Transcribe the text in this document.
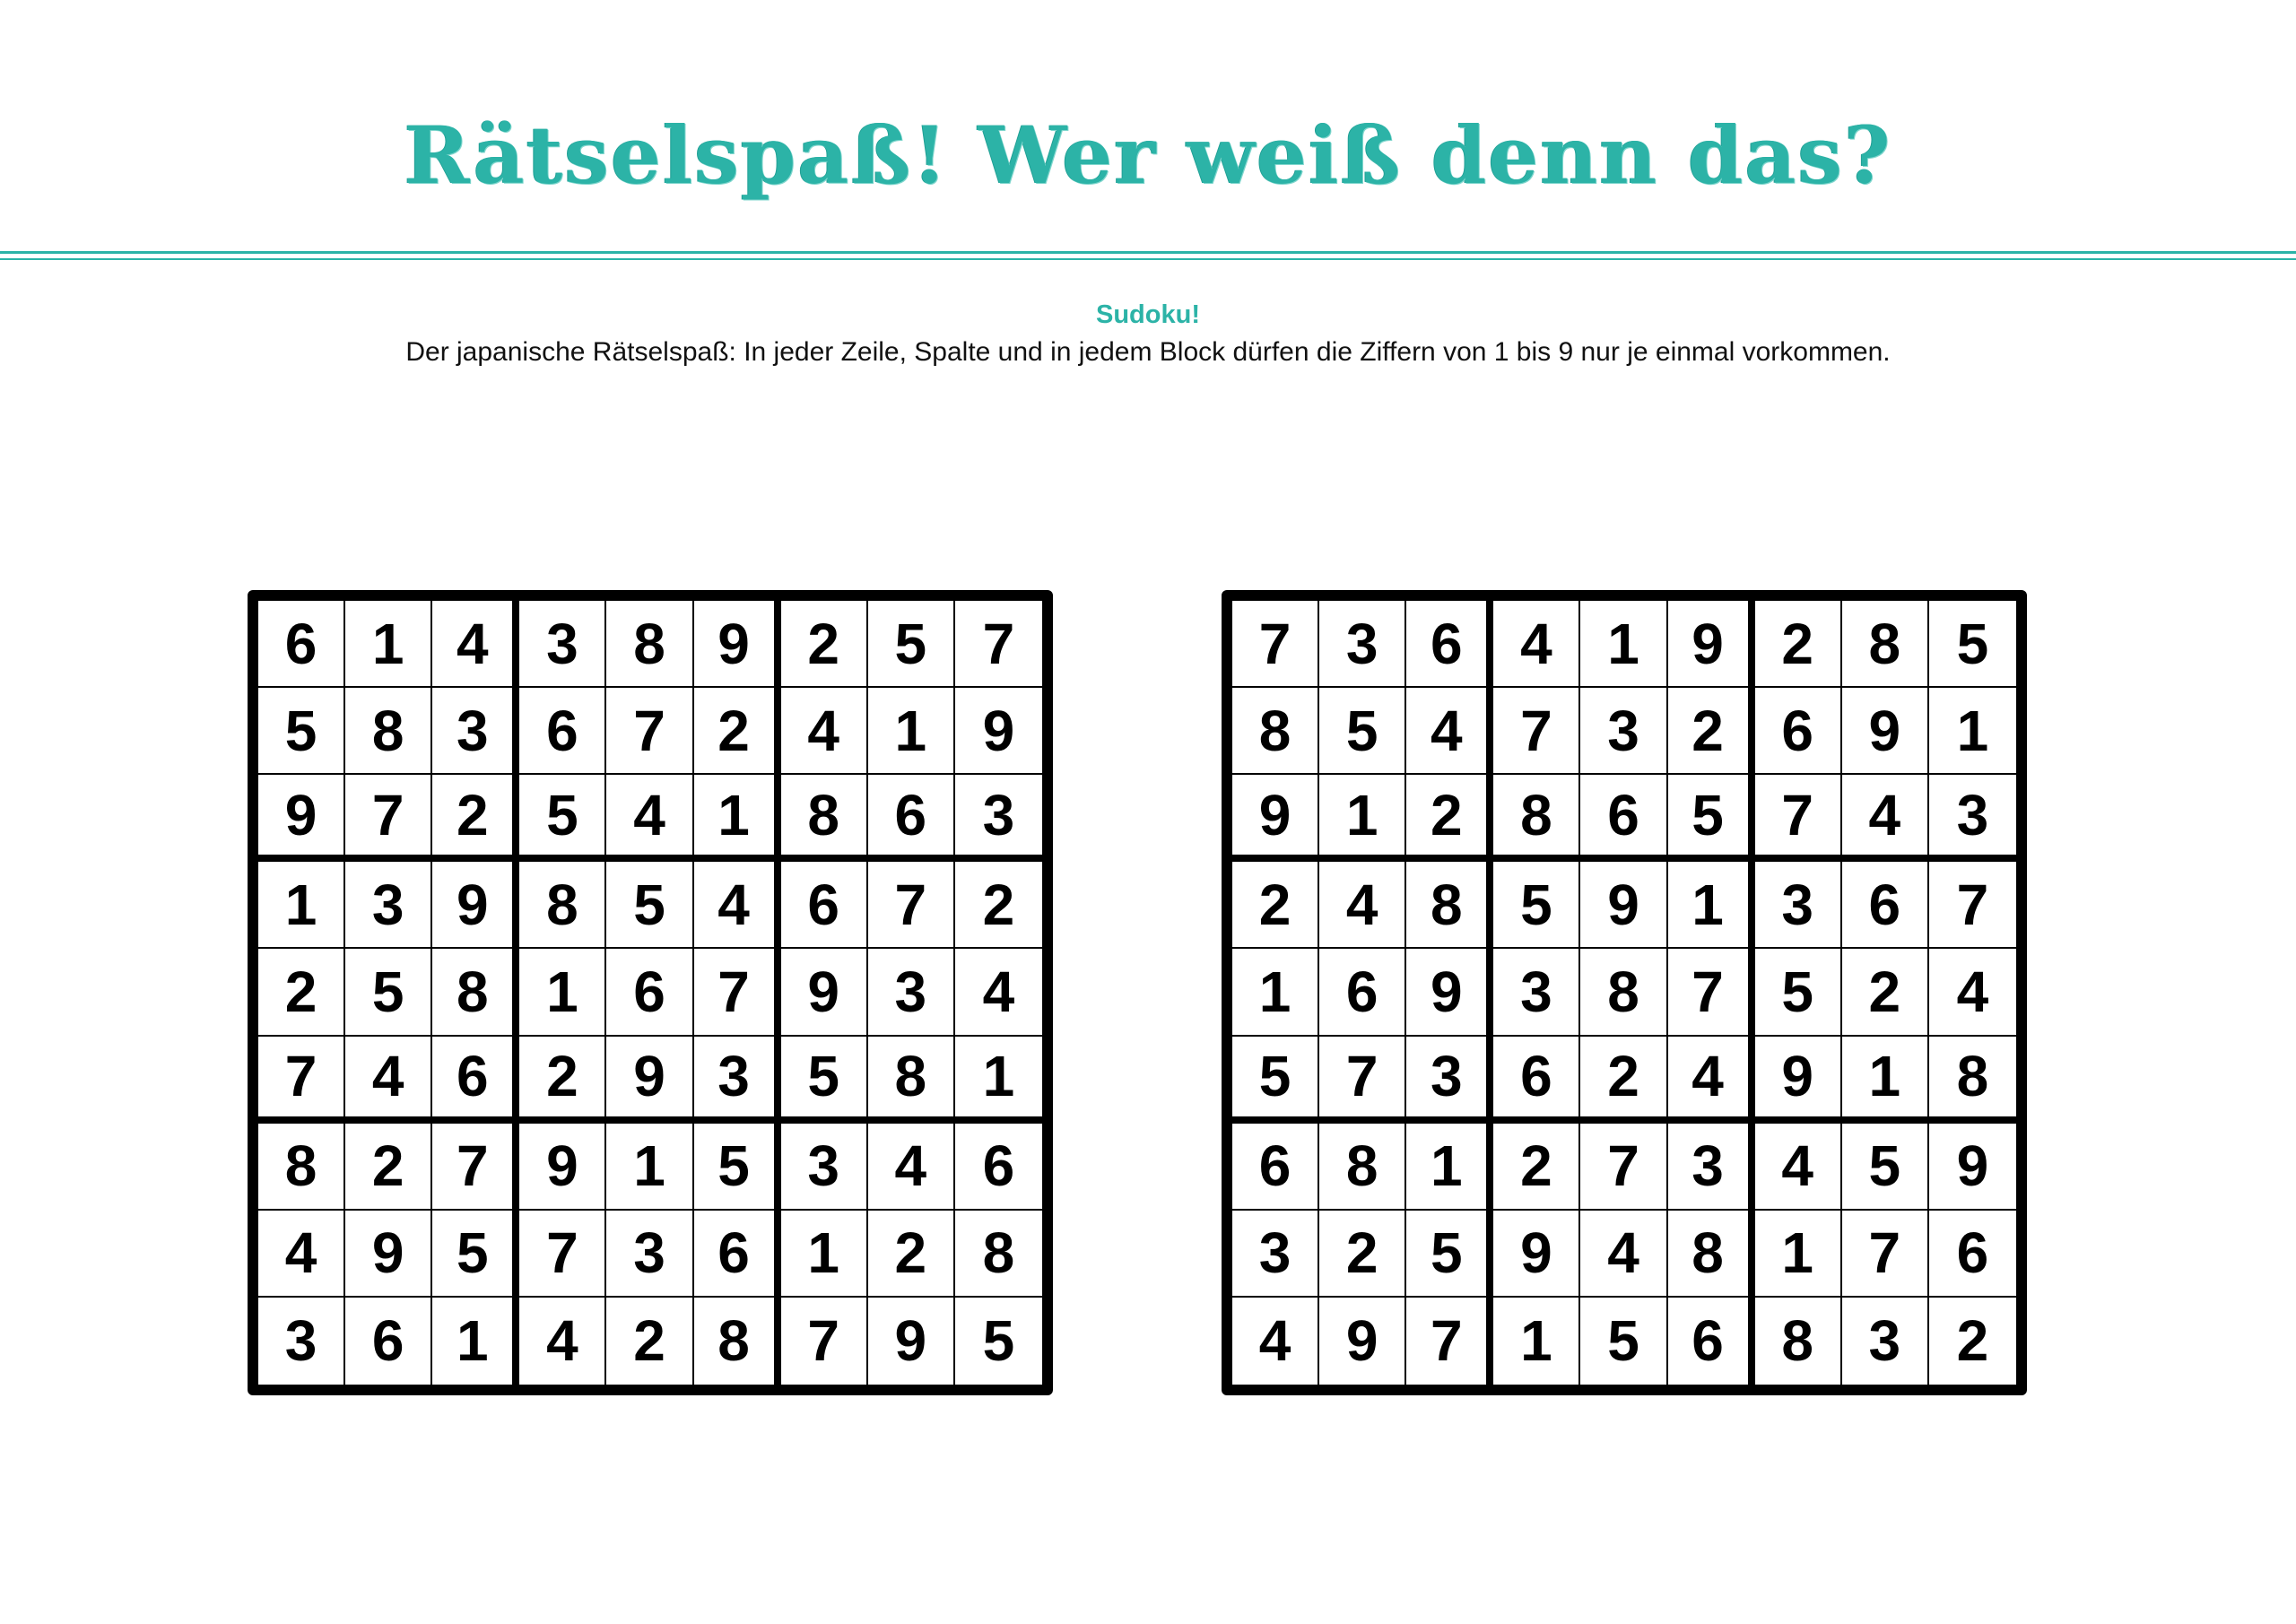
Rätselspaß! Wer weiß denn das?
Sudoku!
Der japanische Rätselspaß: In jeder Zeile, Spalte und in jedem Block dürfen die Ziffern von 1 bis 9 nur je einmal vorkommen.
6 1 4	3 8 9	2 5 7
5 8 3	6 7 2	4 1 9
9 7 2	5 4 1	8 6 3
1 3 9	8 5 4	6 7 2
2 5 8	1 6 7	9 3 4
7 4 6	2 9 3	5 8 1
8 2 7	9 1 5	3 4 6
4 9 5	7 3 6	1 2 8
3 6 1	4 2 8	7 9 5
7 3 6	4 1 9	2 8 5
8 5 4	7 3 2	6 9 1
9 1 2	8 6 5	7 4 3
2 4 8	5 9 1	3 6 7
1 6 9	3 8 7	5 2 4
5 7 3	6 2 4	9 1 8
6 8 1	2 7 3	4 5 9
3 2 5	9 4 8	1 7 6
4 9 7	1 5 6	8 3 2
